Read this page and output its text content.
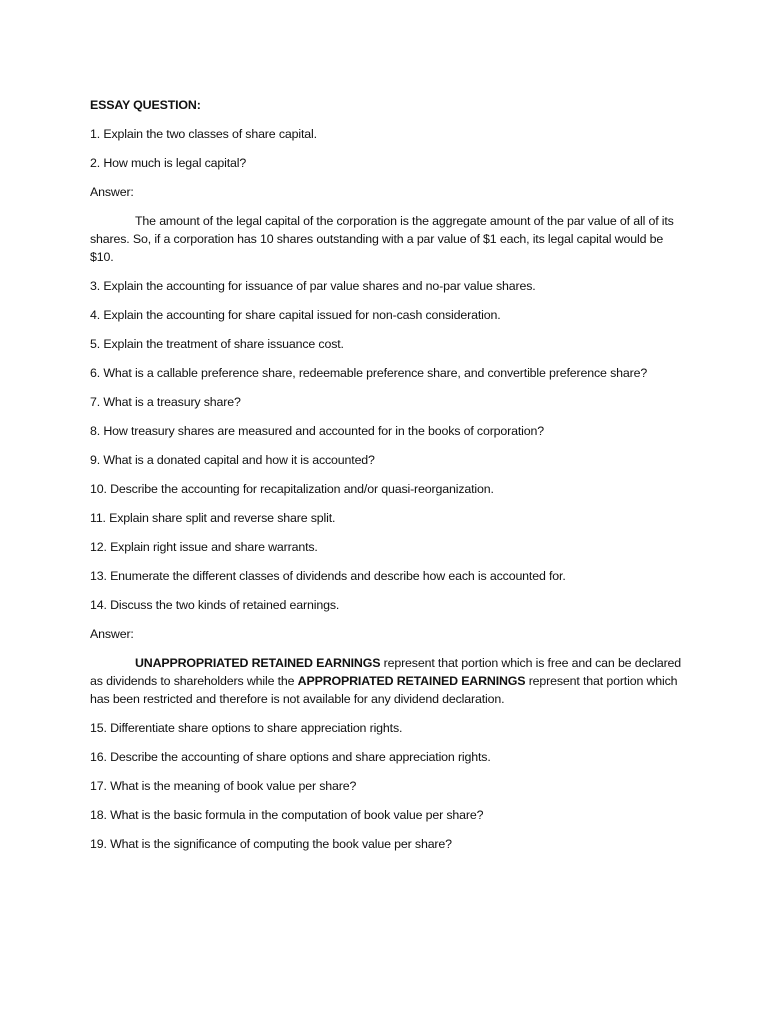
ESSAY QUESTION:
1. Explain the two classes of share capital.
2. How much is legal capital?
Answer:
The amount of the legal capital of the corporation is the aggregate amount of the par value of all of its shares. So, if a corporation has 10 shares outstanding with a par value of $1 each, its legal capital would be $10.
3. Explain the accounting for issuance of par value shares and no-par value shares.
4. Explain the accounting for share capital issued for non-cash consideration.
5. Explain the treatment of share issuance cost.
6. What is a callable preference share, redeemable preference share, and convertible preference share?
7. What is a treasury share?
8. How treasury shares are measured and accounted for in the books of corporation?
9. What is a donated capital and how it is accounted?
10. Describe the accounting for recapitalization and/or quasi-reorganization.
11. Explain share split and reverse share split.
12. Explain right issue and share warrants.
13. Enumerate the different classes of dividends and describe how each is accounted for.
14. Discuss the two kinds of retained earnings.
Answer:
UNAPPROPRIATED RETAINED EARNINGS represent that portion which is free and can be declared as dividends to shareholders while the APPROPRIATED RETAINED EARNINGS represent that portion which has been restricted and therefore is not available for any dividend declaration.
15. Differentiate share options to share appreciation rights.
16. Describe the accounting of share options and share appreciation rights.
17. What is the meaning of book value per share?
18. What is the basic formula in the computation of book value per share?
19. What is the significance of computing the book value per share?
